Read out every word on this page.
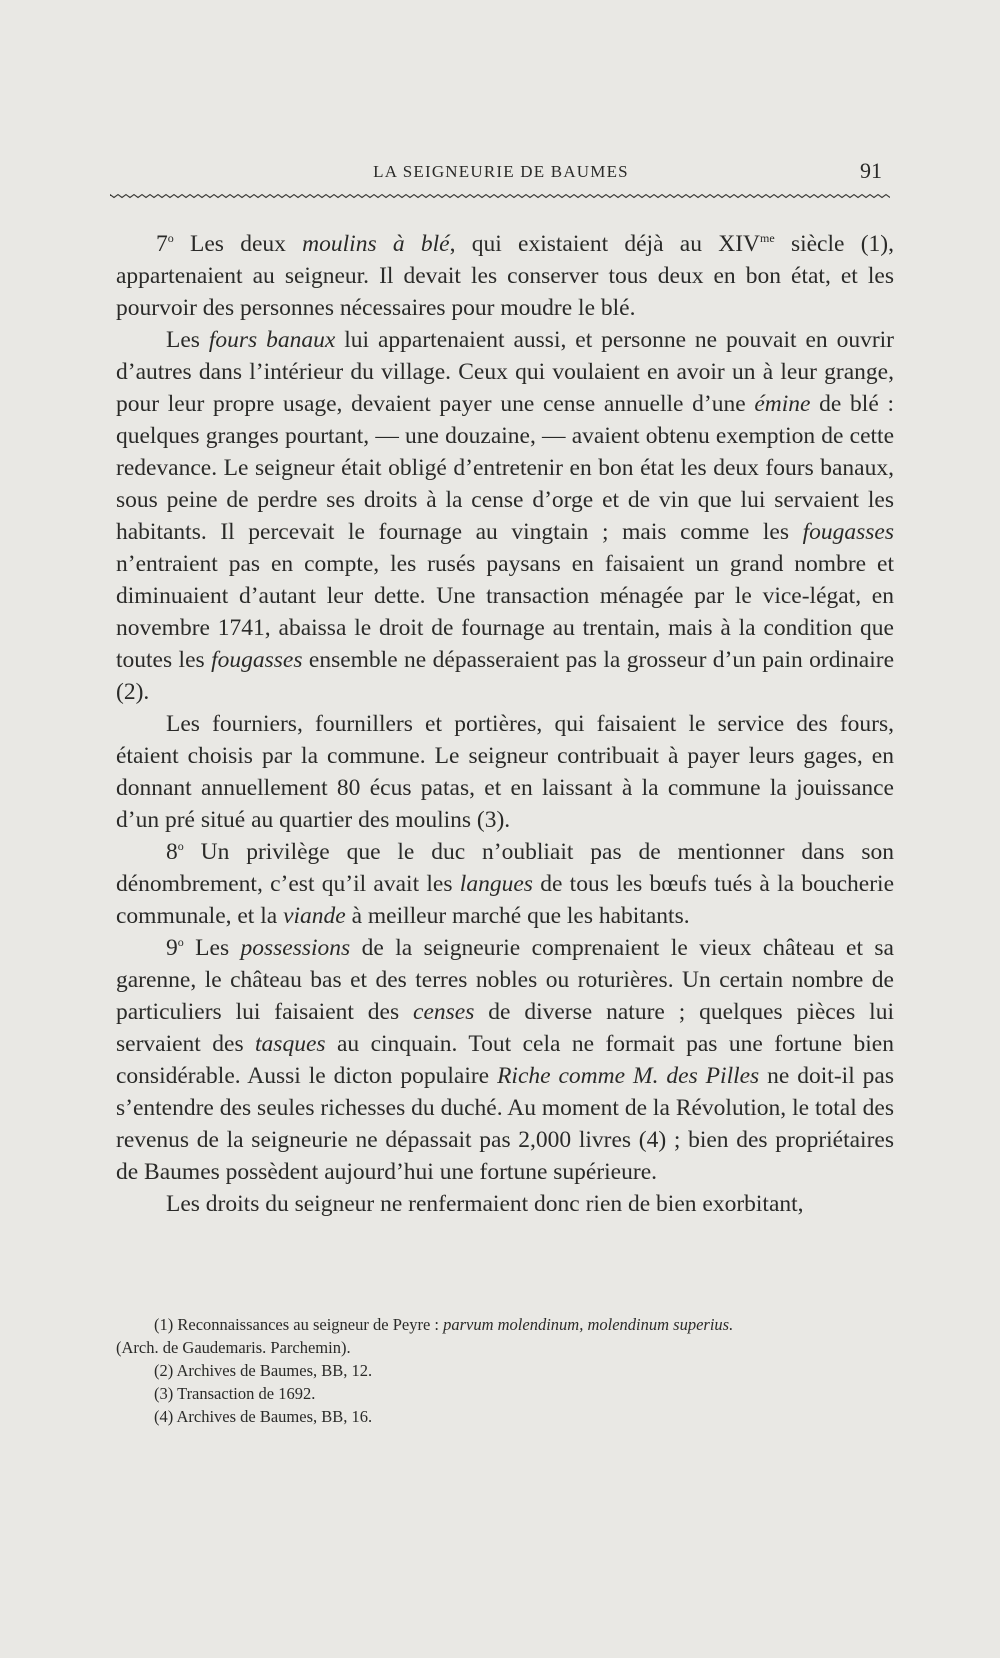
LA SEIGNEURIE DE BAUMES	91

7$^o$ Les deux moulins à blé, qui existaient déjà au $XIV^{me}$ siècle (1), appartenaient au seigneur. Il devait les conserver tous deux en bon état, et les pourvoir des personnes nécessaires pour moudre le blé.

Les fours banaux lui appartenaient aussi, et personne ne pouvait en ouvrir d’autres dans l’intérieur du village. Ceux qui voulaient en avoir un à leur grange, pour leur propre usage, devaient payer une cense annuelle d’une émine de blé : quelques granges pourtant, — une douzaine, — avaient obtenu exemption de cette redevance. Le seigneur était obligé d’entretenir en bon état les deux fours banaux, sous peine de perdre ses droits à la cense d’orge et de vin que lui servaient les habitants. Il percevait le fournage au vingtain ; mais comme les fougasses n’entraient pas en compte, les rusés paysans en faisaient un grand nombre et diminuaient d’autant leur dette. Une transaction ménagée par le vice-légat, en novembre 1741, abaissa le droit de fournage au trentain, mais à la condition que toutes les fougasses ensemble ne dépasseraient pas la grosseur d’un pain ordinaire (2).

Les fourniers, fournillers et portières, qui faisaient le service des fours, étaient choisis par la commune. Le seigneur contribuait à payer leurs gages, en donnant annuellement 80 écus patas, et en laissant à la commune la jouissance d’un pré situé au quartier des moulins (3).

8$^o$ Un privilège que le duc n’oubliait pas de mentionner dans son dénombrement, c’est qu’il avait les langues de tous les bœufs tués à la boucherie communale, et la viande à meilleur marché que les habitants.

9$^o$ Les possessions de la seigneurie comprenaient le vieux château et sa garenne, le château bas et des terres nobles ou roturières. Un certain nombre de particuliers lui faisaient des censes de diverse nature ; quelques pièces lui servaient des tasques au cinquain. Tout cela ne formait pas une fortune bien considérable. Aussi le dicton populaire Riche comme M. des Pilles ne doit-il pas s’entendre des seules richesses du duché. Au moment de la Révolution, le total des revenus de la seigneurie ne dépassait pas 2,000 livres (4) ; bien des propriétaires de Baumes possèdent aujourd’hui une fortune supérieure.

Les droits du seigneur ne renfermaient donc rien de bien exorbitant,

(1) Reconnaissances au seigneur de Peyre : parvum molendinum, molendinum superius.

(Arch. de Gaudemaris. Parchemin).

(2) Archives de Baumes, BB, 12.

(3) Transaction de 1692.

(4) Archives de Baumes, BB, 16.
